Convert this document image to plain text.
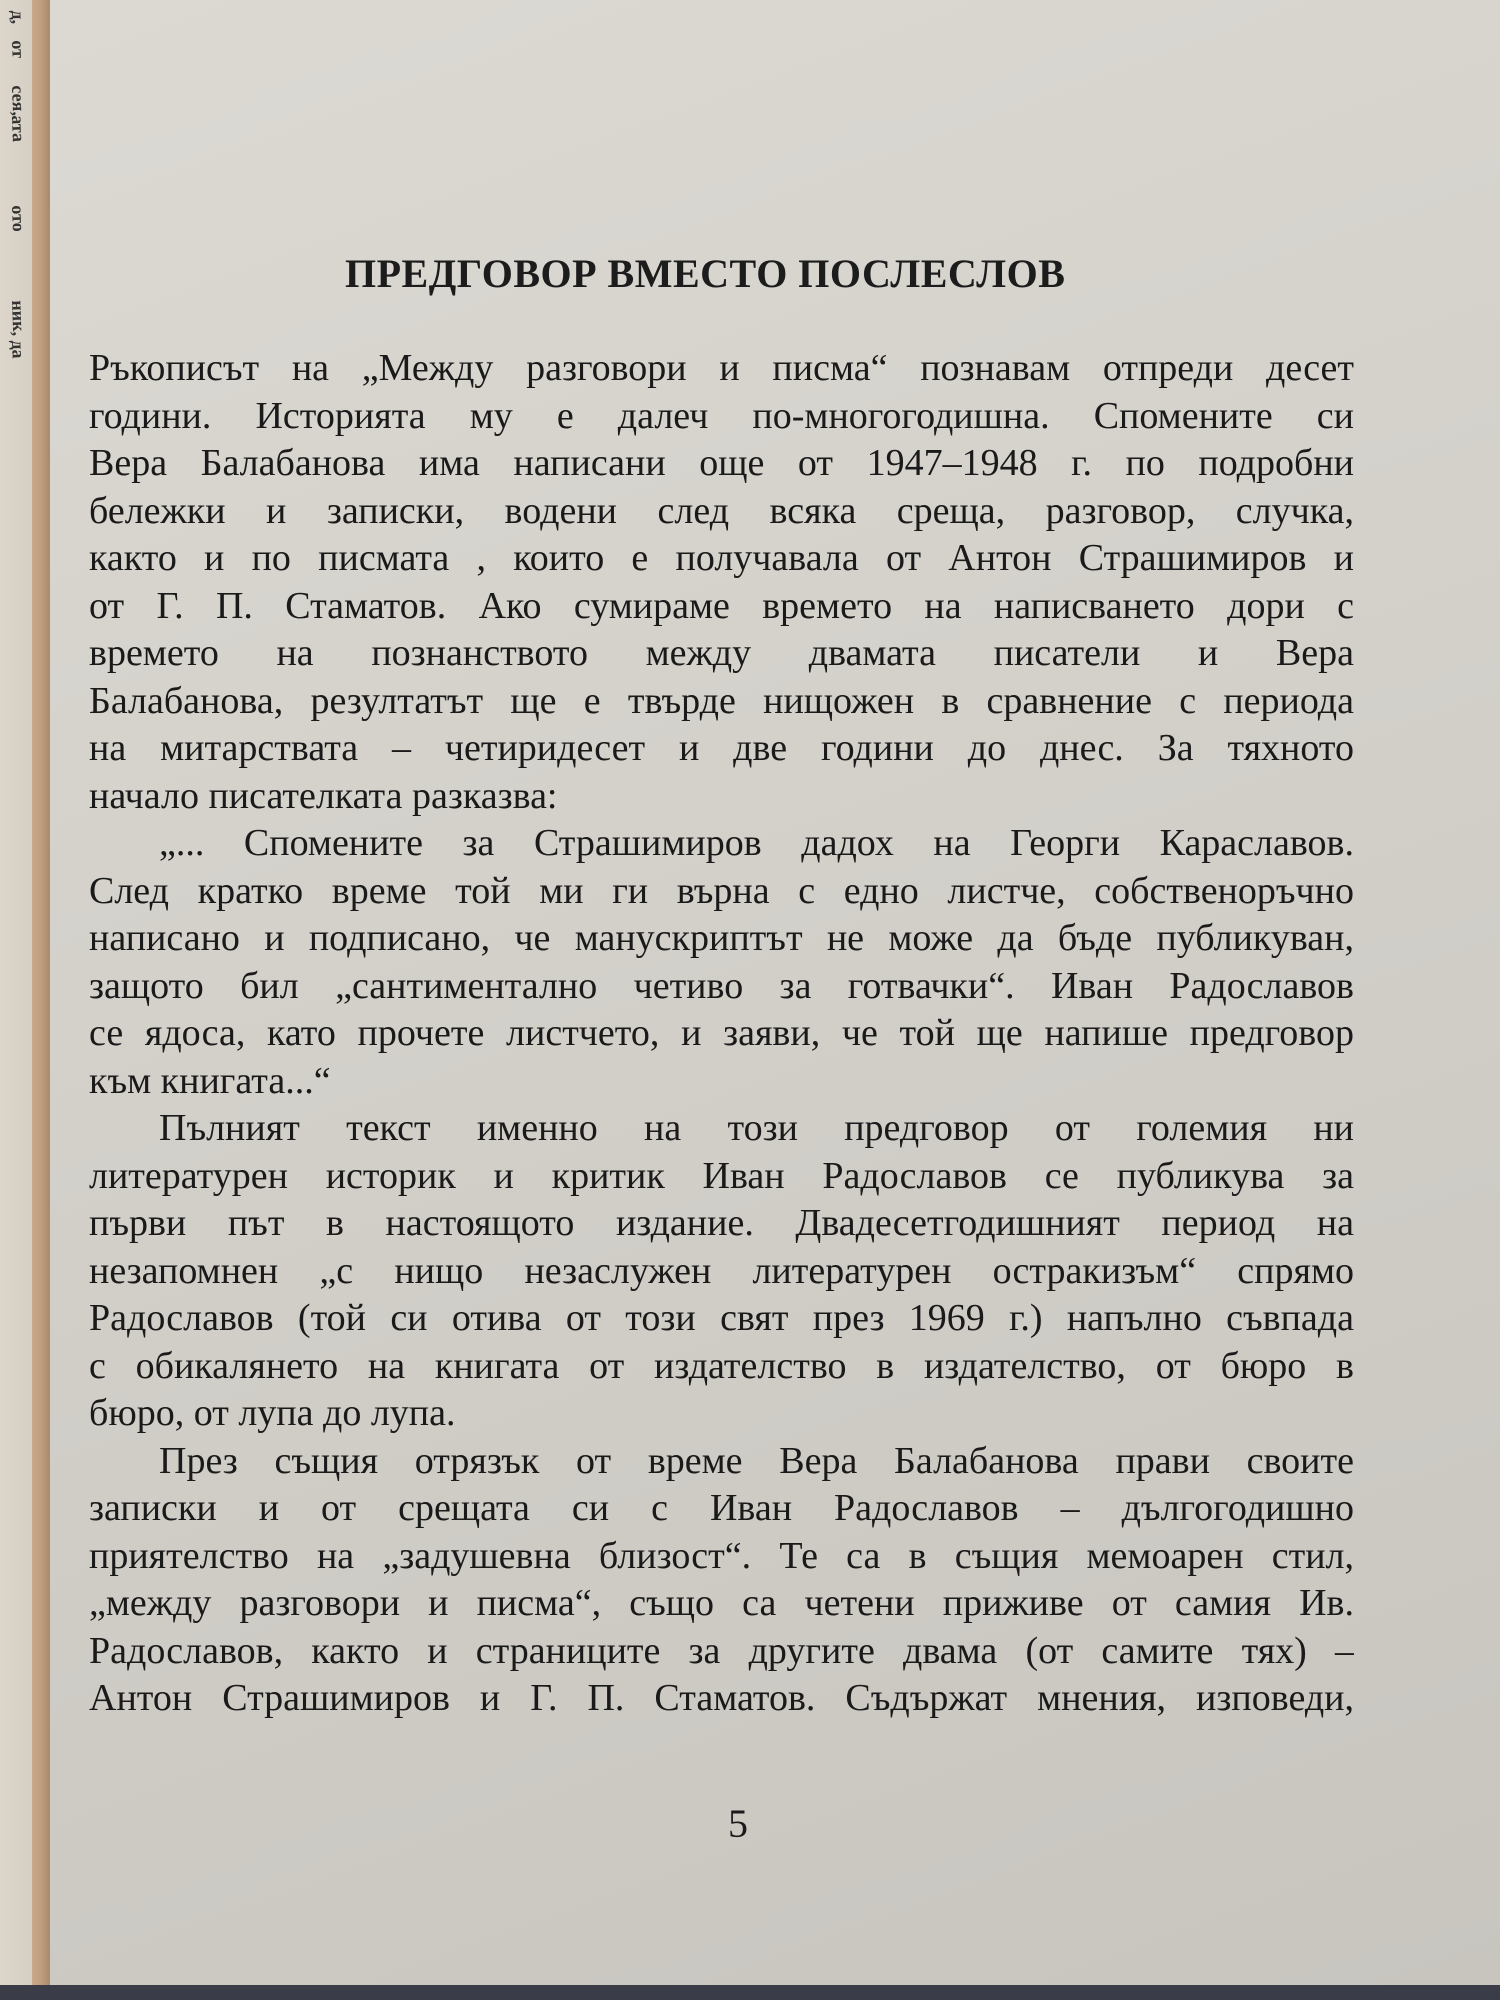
д,
от
сея,
ата
ото
ник,
да
ПРЕДГОВОР ВМЕСТО ПОСЛЕСЛОВ
Ръкописът на „Между разговори и писма“ познавам отпреди десет
години. Историята му е далеч по-многогодишна. Спомените си
Вера Балабанова има написани още от 1947–1948 г. по подробни
бележки и записки, водени след всяка среща, разговор, случка,
както и по писмата , които е получавала от Антон Страшимиров и
от Г. П. Стаматов. Ако сумираме времето на написването дори с
времето на познанството между двамата писатели и Вера
Балабанова, резултатът ще е твърде нищожен в сравнение с периода
на митарствата – четиридесет и две години до днес. За тяхното
начало писателката разказва:
„... Спомените за Страшимиров дадох на Георги Караславов.
След кратко време той ми ги върна с едно листче, собственоръчно
написано и подписано, че манускриптът не може да бъде публикуван,
защото бил „сантиментално четиво за готвачки“. Иван Радославов
се ядоса, като прочете листчето, и заяви, че той ще напише предговор
към книгата...“
Пълният текст именно на този предговор от големия ни
литературен историк и критик Иван Радославов се публикува за
първи път в настоящото издание. Двадесетгодишният период на
незапомнен „с нищо незаслужен литературен остракизъм“ спрямо
Радославов (той си отива от този свят през 1969 г.) напълно съвпада
с обикалянето на книгата от издателство в издателство, от бюро в
бюро, от лупа до лупа.
През същия отрязък от време Вера Балабанова прави своите
записки и от срещата си с Иван Радославов – дългогодишно
приятелство на „задушевна близост“. Те са в същия мемоарен стил,
„между разговори и писма“, също са четени приживе от самия Ив.
Радославов, както и страниците за другите двама (от самите тях) –
Антон Страшимиров и Г. П. Стаматов. Съдържат мнения, изповеди,
5
